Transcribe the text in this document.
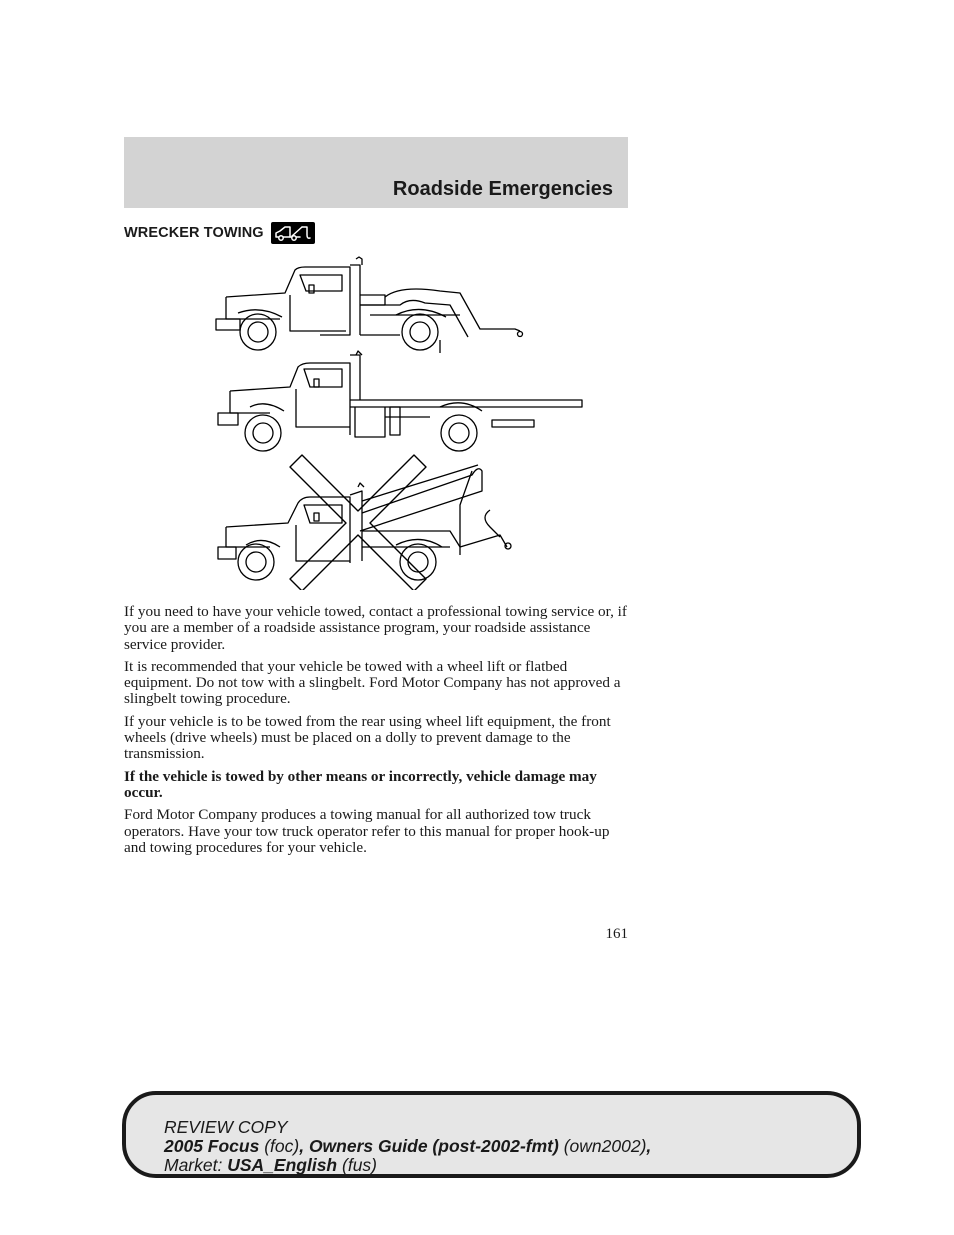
Roadside Emergencies
WRECKER TOWING

If you need to have your vehicle towed, contact a professional towing service or, if you are a member of a roadside assistance program, your roadside assistance service provider.

It is recommended that your vehicle be towed with a wheel lift or flatbed equipment. Do not tow with a slingbelt. Ford Motor Company has not approved a slingbelt towing procedure.

If your vehicle is to be towed from the rear using wheel lift equipment, the front wheels (drive wheels) must be placed on a dolly to prevent damage to the transmission.

If the vehicle is towed by other means or incorrectly, vehicle damage may occur.

Ford Motor Company produces a towing manual for all authorized tow truck operators. Have your tow truck operator refer to this manual for proper hook-up and towing procedures for your vehicle.

161
REVIEW COPY
2005 Focus (foc), Owners Guide (post-2002-fmt) (own2002),
Market: USA_English (fus)
